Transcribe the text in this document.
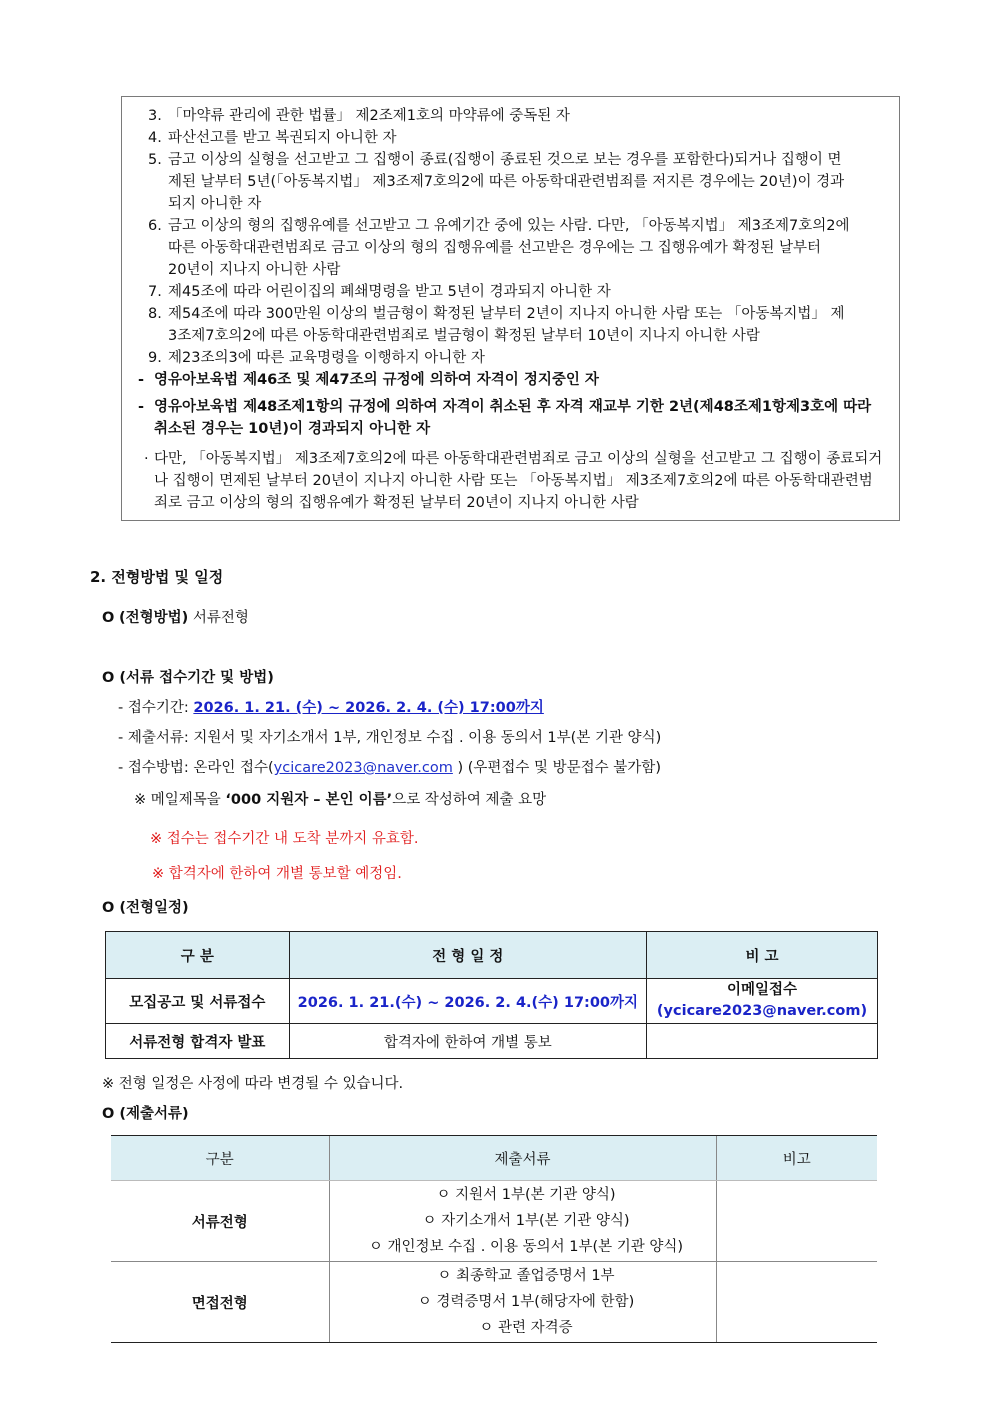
3. 「마약류 관리에 관한 법률」 제2조제1호의 마약류에 중독된 자
4. 파산선고를 받고 복권되지 아니한 자
5. 금고 이상의 실형을 선고받고 그 집행이 종료(집행이 종료된 것으로 보는 경우를 포함한다)되거나 집행이 면
제된 날부터 5년(「아동복지법」 제3조제7호의2에 따른 아동학대관련범죄를 저지른 경우에는 20년)이 경과
되지 아니한 자
6. 금고 이상의 형의 집행유예를 선고받고 그 유예기간 중에 있는 사람. 다만, 「아동복지법」 제3조제7호의2에
따른 아동학대관련범죄로 금고 이상의 형의 집행유예를 선고받은 경우에는 그 집행유예가 확정된 날부터
20년이 지나지 아니한 사람
7. 제45조에 따라 어린이집의 폐쇄명령을 받고 5년이 경과되지 아니한 자
8. 제54조에 따라 300만원 이상의 벌금형이 확정된 날부터 2년이 지나지 아니한 사람 또는 「아동복지법」 제
3조제7호의2에 따른 아동학대관련범죄로 벌금형이 확정된 날부터 10년이 지나지 아니한 사람
9. 제23조의3에 따른 교육명령을 이행하지 아니한 자
- 영유아보육법 제46조 및 제47조의 규정에 의하여 자격이 정지중인 자
- 영유아보육법 제48조제1항의 규정에 의하여 자격이 취소된 후 자격 재교부 기한 2년(제48조제1항제3호에 따라
취소된 경우는 10년)이 경과되지 아니한 자
· 다만, 「아동복지법」 제3조제7호의2에 따른 아동학대관련범죄로 금고 이상의 실형을 선고받고 그 집행이 종료되거
나 집행이 면제된 날부터 20년이 지나지 아니한 사람 또는 「아동복지법」 제3조제7호의2에 따른 아동학대관련범
죄로 금고 이상의 형의 집행유예가 확정된 날부터 20년이 지나지 아니한 사람
2. 전형방법 및 일정
O (전형방법) 서류전형
O (서류 접수기간 및 방법)
- 접수기간: 2026. 1. 21. (수) ~ 2026. 2. 4. (수) 17:00까지
- 제출서류: 지원서 및 자기소개서 1부, 개인정보 수집 . 이용 동의서 1부(본 기관 양식)
- 접수방법: 온라인 접수(ycicare2023@naver.com ) (우편접수 및 방문접수 불가함)
※ 메일제목을 ‘000 지원자 – 본인 이름’으로 작성하여 제출 요망
※ 접수는 접수기간 내 도착 분까지 유효함.
※ 합격자에 한하여 개별 통보할 예정임.
O (전형일정)
구 분	전 형 일 정	비 고
모집공고 및 서류접수	2026. 1. 21.(수) ~ 2026. 2. 4.(수) 17:00까지	이메일접수
(ycicare2023@naver.com)

서류전형 합격자 발표	합격자에 한하여 개별 통보	
※ 전형 일정은 사정에 따라 변경될 수 있습니다.
O (제출서류)
구분	제출서류	비고
서류전형	ㅇ 지원서 1부(본 기관 양식)
ㅇ 자기소개서 1부(본 기관 양식)
ㅇ 개인정보 수집 . 이용 동의서 1부(본 기관 양식)	

면접전형	ㅇ 최종학교 졸업증명서 1부
ㅇ 경력증명서 1부(해당자에 한함)
ㅇ 관련 자격증	
